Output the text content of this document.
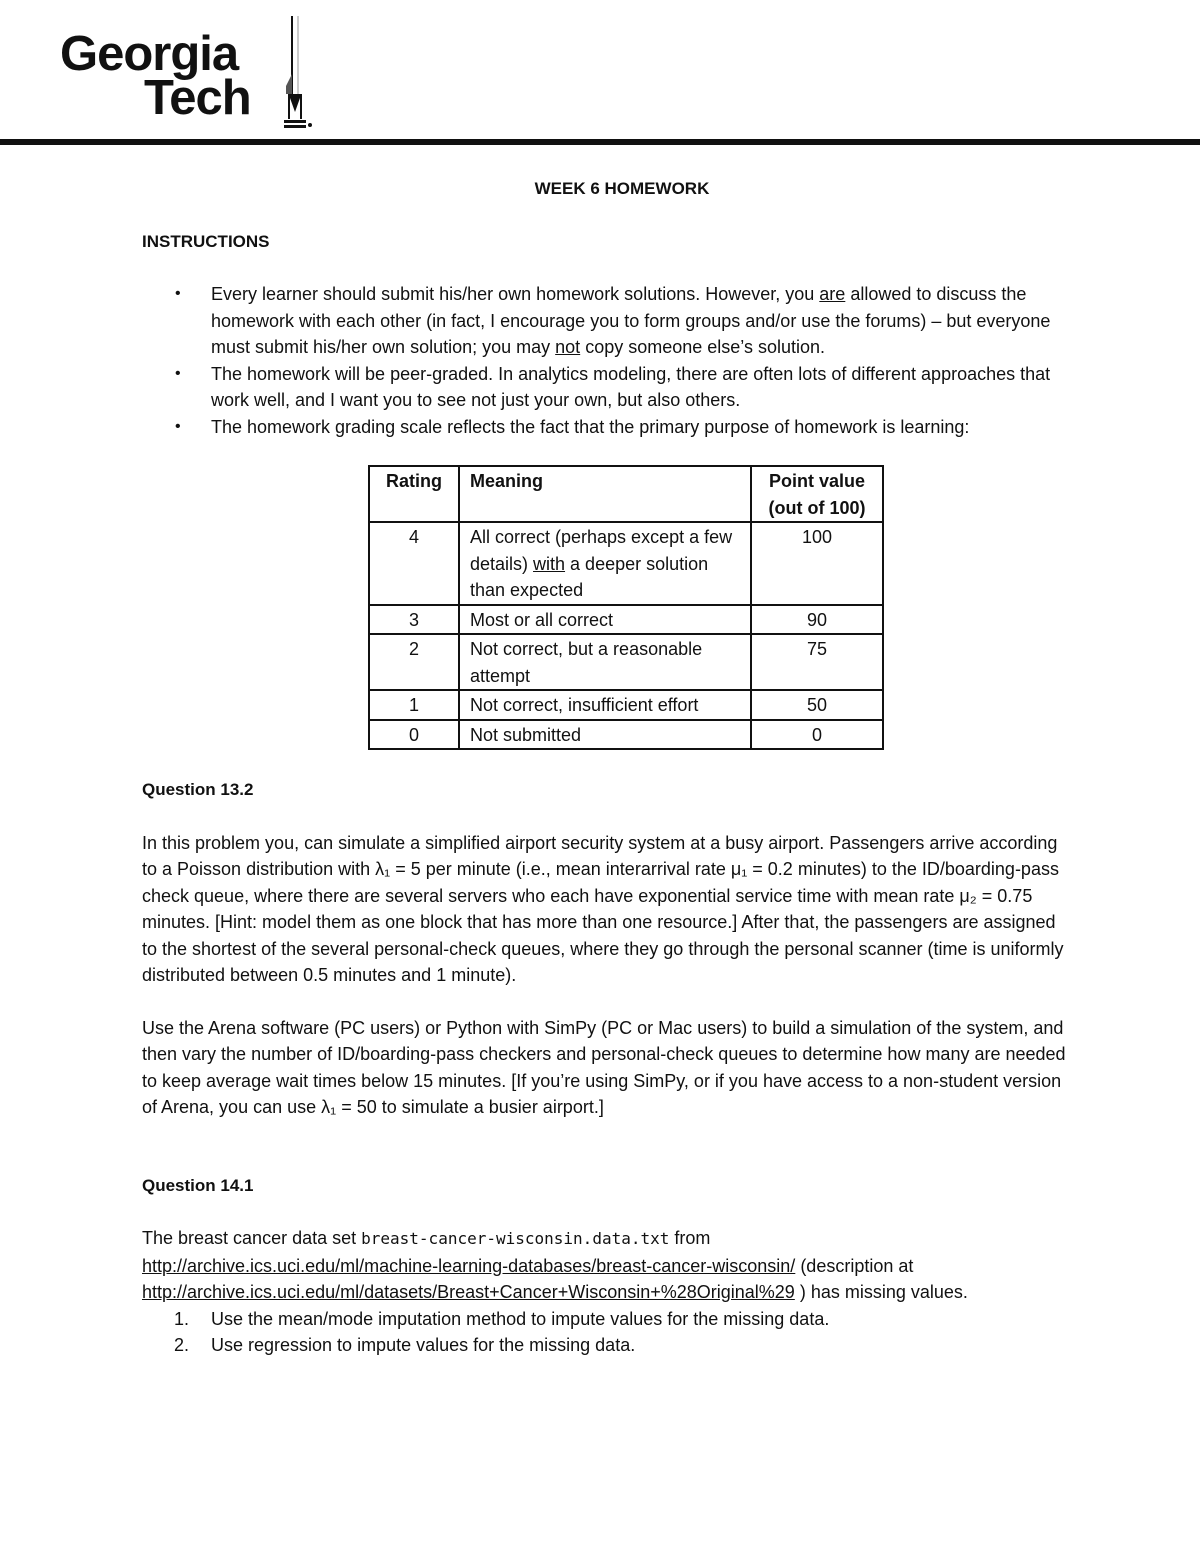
Georgia
Tech
WEEK 6 HOMEWORK
INSTRUCTIONS
• Every learner should submit his/her own homework solutions. However, you are allowed to discuss the homework with each other (in fact, I encourage you to form groups and/or use the forums) – but everyone must submit his/her own solution; you may not copy someone else’s solution.
• The homework will be peer-graded. In analytics modeling, there are often lots of different approaches that work well, and I want you to see not just your own, but also others.
• The homework grading scale reflects the fact that the primary purpose of homework is learning:
Rating	Meaning	Point value
(out of 100)
4	All correct (perhaps except a few details) with a deeper solution than expected	100
3	Most or all correct	90
2	Not correct, but a reasonable attempt	75
1	Not correct, insufficient effort	50
0	Not submitted	0
Question 13.2
In this problem you, can simulate a simplified airport security system at a busy airport. Passengers arrive according to a Poisson distribution with λ₁ = 5 per minute (i.e., mean interarrival rate μ₁ = 0.2 minutes) to the ID/boarding-pass check queue, where there are several servers who each have exponential service time with mean rate μ₂ = 0.75 minutes. [Hint: model them as one block that has more than one resource.] After that, the passengers are assigned to the shortest of the several personal-check queues, where they go through the personal scanner (time is uniformly distributed between 0.5 minutes and 1 minute).
Use the Arena software (PC users) or Python with SimPy (PC or Mac users) to build a simulation of the system, and then vary the number of ID/boarding-pass checkers and personal-check queues to determine how many are needed to keep average wait times below 15 minutes. [If you’re using SimPy, or if you have access to a non-student version of Arena, you can use λ₁ = 50 to simulate a busier airport.]
Question 14.1
The breast cancer data set breast-cancer-wisconsin.data.txt from
http://archive.ics.uci.edu/ml/machine-learning-databases/breast-cancer-wisconsin/ (description at
http://archive.ics.uci.edu/ml/datasets/Breast+Cancer+Wisconsin+%28Original%29 ) has missing values.
1. Use the mean/mode imputation method to impute values for the missing data.
2. Use regression to impute values for the missing data.
